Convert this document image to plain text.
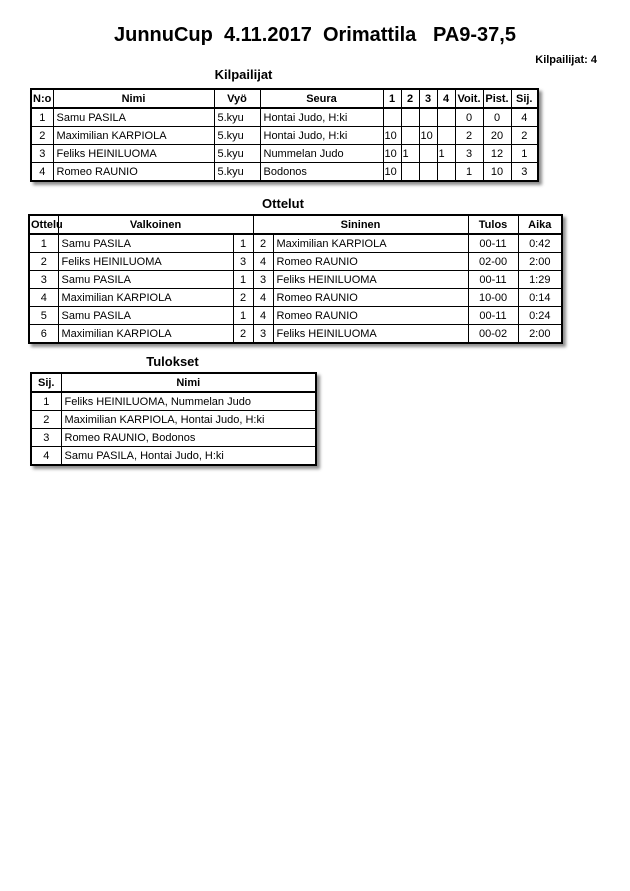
JunnuCup  4.11.2017  Orimattila   PA9-37,5
Kilpailijat: 4
Kilpailijat
N:o	Nimi	Vyö	Seura	1	2	3	4	Voit.	Pist.	Sij.
1	Samu PASILA	5.kyu	Hontai Judo, H:ki					0	0	4
2	Maximilian KARPIOLA	5.kyu	Hontai Judo, H:ki	10		10		2	20	2
3	Feliks HEINILUOMA	5.kyu	Nummelan Judo	10	1		1	3	12	1
4	Romeo RAUNIO	5.kyu	Bodonos	10				1	10	3
Ottelut
Ottelu	Valkoinen		Sininen		Tulos	Aika
1	Samu PASILA	1	2	Maximilian KARPIOLA	00-11	0:42
2	Feliks HEINILUOMA	3	4	Romeo RAUNIO	02-00	2:00
3	Samu PASILA	1	3	Feliks HEINILUOMA	00-11	1:29
4	Maximilian KARPIOLA	2	4	Romeo RAUNIO	10-00	0:14
5	Samu PASILA	1	4	Romeo RAUNIO	00-11	0:24
6	Maximilian KARPIOLA	2	3	Feliks HEINILUOMA	00-02	2:00
Tulokset
Sij.	Nimi
1	Feliks HEINILUOMA, Nummelan Judo
2	Maximilian KARPIOLA, Hontai Judo, H:ki
3	Romeo RAUNIO, Bodonos
4	Samu PASILA, Hontai Judo, H:ki
